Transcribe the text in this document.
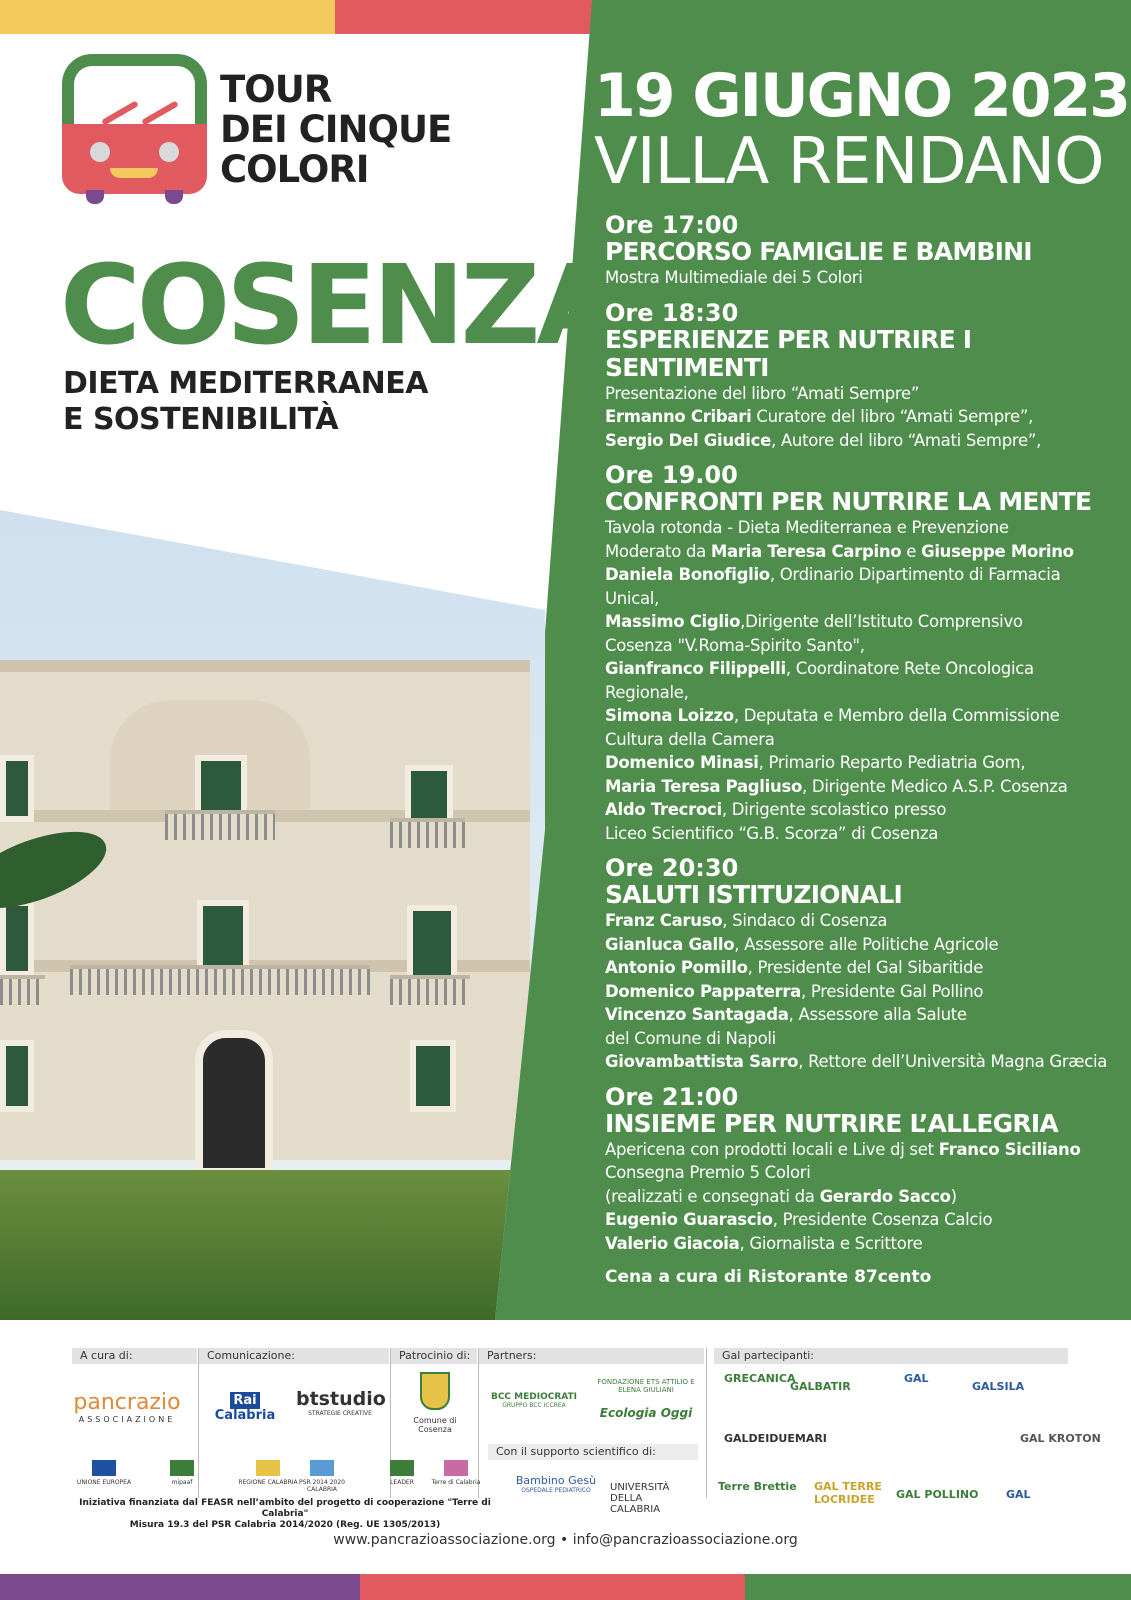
TOUR
DEI CINQUE
COLORI
COSENZA
DIETA MEDITERRANEA
E SOSTENIBILITÀ
19 GIUGNO 2023
VILLA RENDANO
Ore 17:00
PERCORSO FAMIGLIE E BAMBINI
Mostra Multimediale dei 5 Colori
Ore 18:30
ESPERIENZE PER NUTRIRE I SENTIMENTI
Presentazione del libro “Amati Sempre”
Ermanno Cribari Curatore del libro “Amati Sempre”,
Sergio Del Giudice, Autore del libro “Amati Sempre”,
Ore 19.00
CONFRONTI PER NUTRIRE LA MENTE
Tavola rotonda - Dieta Mediterranea e Prevenzione
Moderato da Maria Teresa Carpino e Giuseppe Morino
Daniela Bonofiglio, Ordinario Dipartimento di Farmacia
Unical,
Massimo Ciglio,Dirigente dell’Istituto Comprensivo
Cosenza "V.Roma-Spirito Santo",
Gianfranco Filippelli, Coordinatore Rete Oncologica
Regionale,
Simona Loizzo, Deputata e Membro della Commissione
Cultura della Camera
Domenico Minasi, Primario Reparto Pediatria Gom,
Maria Teresa Pagliuso, Dirigente Medico A.S.P. Cosenza
Aldo Trecroci, Dirigente scolastico presso
Liceo Scientifico “G.B. Scorza” di Cosenza
Ore 20:30
SALUTI ISTITUZIONALI
Franz Caruso, Sindaco di Cosenza
Gianluca Gallo, Assessore alle Politiche Agricole
Antonio Pomillo, Presidente del Gal Sibaritide
Domenico Pappaterra, Presidente Gal Pollino
Vincenzo Santagada, Assessore alla Salute
del Comune di Napoli
Giovambattista Sarro, Rettore dell’Università Magna Græcia
Ore 21:00
INSIEME PER NUTRIRE L’ALLEGRIA
Apericena con prodotti locali e Live dj set Franco Siciliano
Consegna Premio 5 Colori
(realizzati e consegnati da Gerardo Sacco)
Eugenio Guarascio, Presidente Cosenza Calcio
Valerio Giacoia, Giornalista e Scrittore
Cena a cura di Ristorante 87cento
A cura di:	Comunicazione:	Patrocinio di:	Partners:	Gal partecipanti:
pancrazio
ASSOCIAZIONE
Rai Calabria
btstudio
STRATEGIE CREATIVE
Comune di Cosenza
BCC MEDIOCRATI
GRUPPO BCC ICCREA
FONDAZIONE ETS ATTILIO E ELENA GIULIANI
Ecologia Oggi
Con il supporto scientifico di:
Bambino Gesù
OSPEDALE PEDIATRICO	UNIVERSITÀ
DELLA
CALABRIA
GRECANICA
GALBATIR
GAL
GALSILA
GAL KROTON
GALDEIDUEMARI
Terre Brettie	GAL TERRE LOCRIDEE	GAL POLLINO	GAL
UNIONE EUROPEA	mipaaf	REGIONE CALABRIA PSR 2014 2020 CALABRIA
LEADER	Terre di Calabria
Iniziativa finanziata dal FEASR nell’ambito del progetto di cooperazione "Terre di Calabria"
Misura 19.3 del PSR Calabria 2014/2020 (Reg. UE 1305/2013)
www.pancrazioassociazione.org • info@pancrazioassociazione.org
